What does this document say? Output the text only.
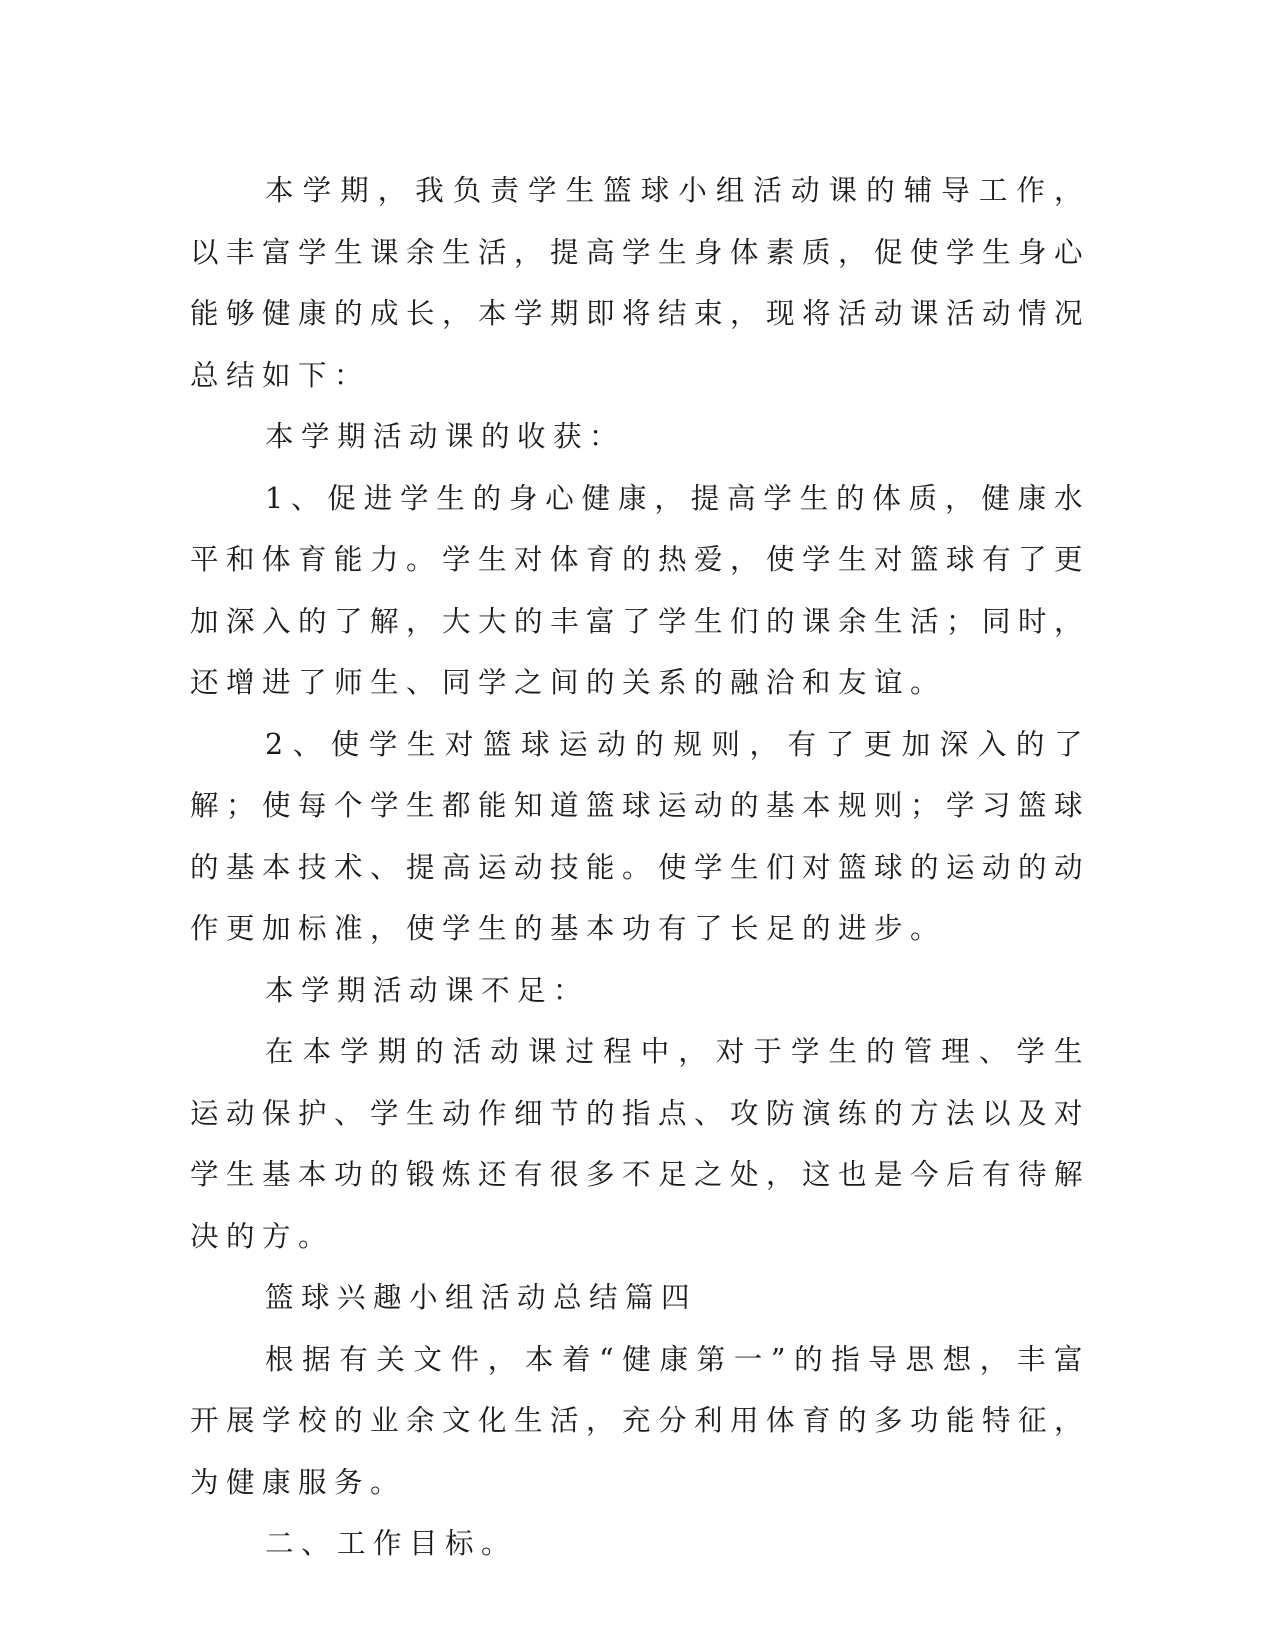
本学期，我负责学生篮球小组活动课的辅导工作，以丰富学生课余生活，提高学生身体素质，促使学生身心能够健康的成长，本学期即将结束，现将活动课活动情况总结如下：

本学期活动课的收获：

1、促进学生的身心健康，提高学生的体质，健康水平和体育能力。学生对体育的热爱，使学生对篮球有了更加深入的了解，大大的丰富了学生们的课余生活；同时，还增进了师生、同学之间的关系的融洽和友谊。

2、使学生对篮球运动的规则，有了更加深入的了解；使每个学生都能知道篮球运动的基本规则；学习篮球的基本技术、提高运动技能。使学生们对篮球的运动的动作更加标准，使学生的基本功有了长足的进步。

本学期活动课不足：

在本学期的活动课过程中，对于学生的管理、学生运动保护、学生动作细节的指点、攻防演练的方法以及对学生基本功的锻炼还有很多不足之处，这也是今后有待解决的方。

篮球兴趣小组活动总结篇四

根据有关文件，本着“健康第一”的指导思想，丰富开展学校的业余文化生活，充分利用体育的多功能特征，为健康服务。

二、工作目标。
